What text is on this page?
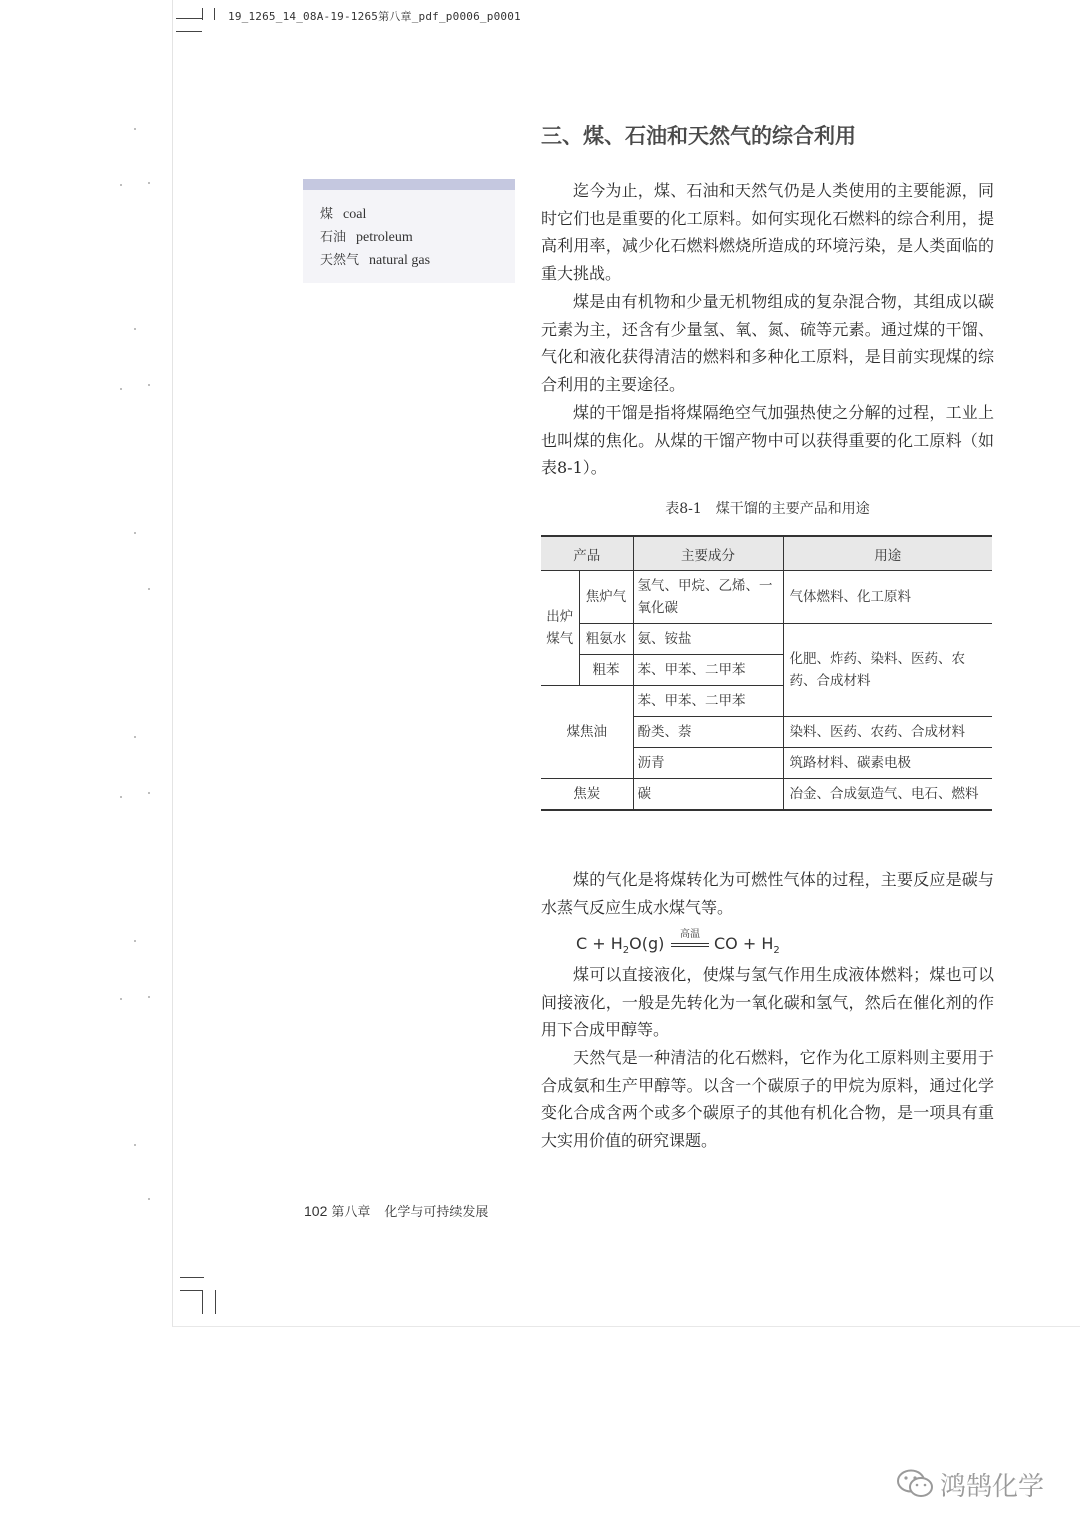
19_1265_14_08A-19-1265第八章_pdf_p0006_p0001
三、煤、石油和天然气的综合利用
煤 coal
石油 petroleum
天然气 natural gas
迄今为止，煤、石油和天然气仍是人类使用的主要能源，同时它们也是重要的化工原料。如何实现化石燃料的综合利用，提高利用率，减少化石燃料燃烧所造成的环境污染，是人类面临的重大挑战。
煤是由有机物和少量无机物组成的复杂混合物，其组成以碳元素为主，还含有少量氢、氧、氮、硫等元素。通过煤的干馏、气化和液化获得清洁的燃料和多种化工原料，是目前实现煤的综合利用的主要途径。
煤的干馏是指将煤隔绝空气加强热使之分解的过程，工业上也叫煤的焦化。从煤的干馏产物中可以获得重要的化工原料（如表8-1）。
表8-1　煤干馏的主要产品和用途
产品		主要成分	用途
出炉煤气	焦炉气	氢气、甲烷、乙烯、一氧化碳	气体燃料、化工原料
	粗氨水	氨、铵盐	化肥、炸药、染料、医药、农药、合成材料
	粗苯	苯、甲苯、二甲苯	
煤焦油		苯、甲苯、二甲苯	
		酚类、萘	染料、医药、农药、合成材料
		沥青	筑路材料、碳素电极
焦炭		碳	冶金、合成氨造气、电石、燃料
煤的气化是将煤转化为可燃性气体的过程，主要反应是碳与水蒸气反应生成水煤气等。
$C + H_2O(g)$	高温 CO + $H_2$
煤可以直接液化，使煤与氢气作用生成液体燃料；煤也可以间接液化，一般是先转化为一氧化碳和氢气，然后在催化剂的作用下合成甲醇等。
天然气是一种清洁的化石燃料，它作为化工原料则主要用于合成氨和生产甲醇等。以含一个碳原子的甲烷为原料，通过化学变化合成含两个或多个碳原子的其他有机化合物，是一项具有重大实用价值的研究课题。
102 第八章 化学与可持续发展
鸿鹄化学
